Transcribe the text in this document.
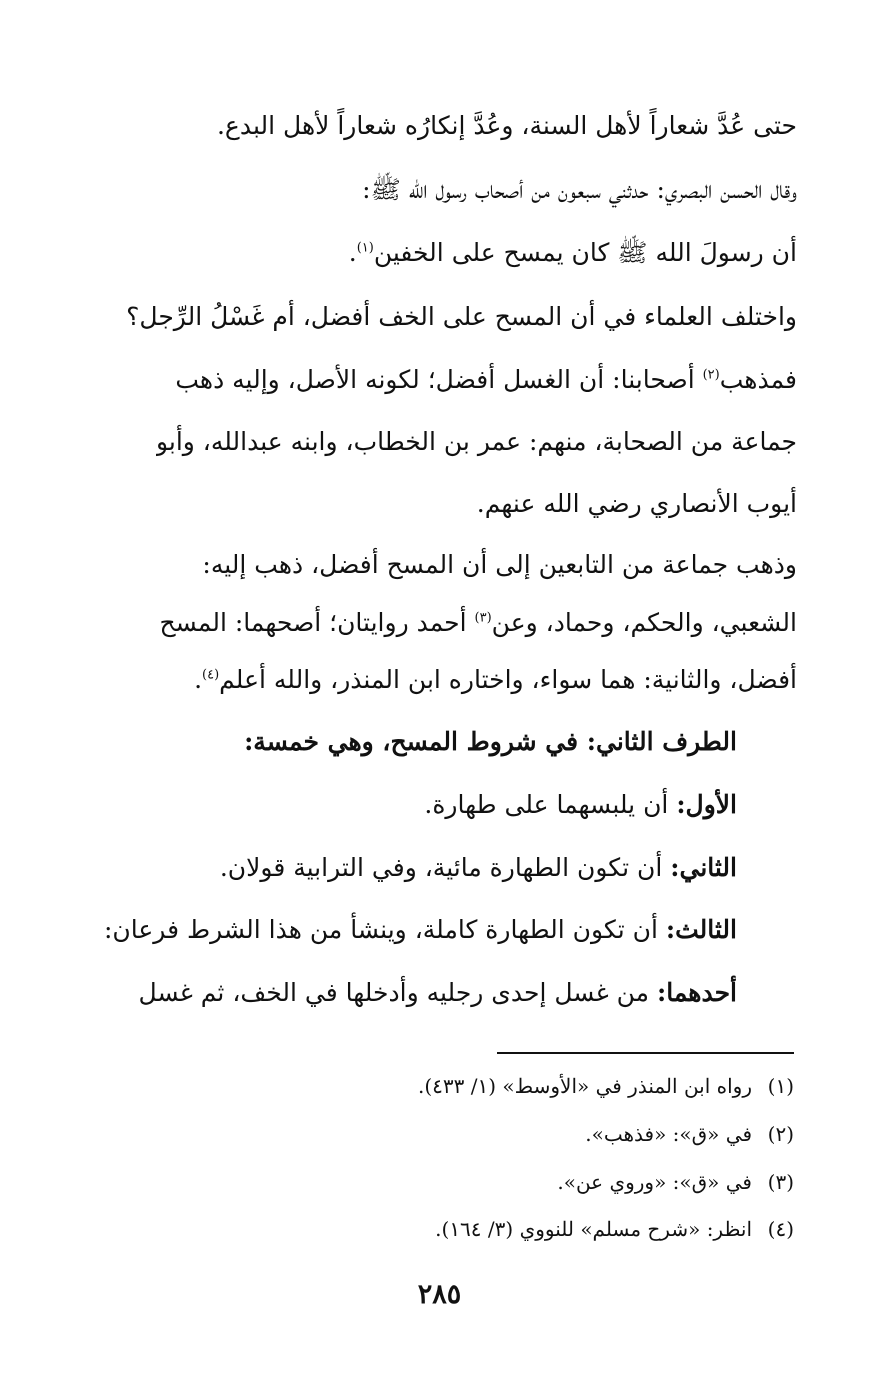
حتى عُدَّ شعاراً لأهل السنة، وعُدَّ إنكارُه شعاراً لأهل البدع.
وقال الحسن البصري: حدثني سبعون من أصحاب رسول الله ﷺ:
أن رسولَ الله ﷺ كان يمسح على الخفين$^{(١)}$.
واختلف العلماء في أن المسح على الخف أفضل، أم غَسْلُ الرِّجل؟
فمذهب$^{(٢)}$ أصحابنا: أن الغسل أفضل؛ لكونه الأصل، وإليه ذهب
جماعة من الصحابة، منهم: عمر بن الخطاب، وابنه عبدالله، وأبو
أيوب الأنصاري رضي الله عنهم.
وذهب جماعة من التابعين إلى أن المسح أفضل، ذهب إليه:
الشعبي، والحكم، وحماد، وعن$^{(٣)}$ أحمد روايتان؛ أصحهما: المسح
أفضل، والثانية: هما سواء، واختاره ابن المنذر، والله أعلم$^{(٤)}$.
الطرف الثاني: في شروط المسح، وهي خمسة:
الأول: أن يلبسهما على طهارة.
الثاني: أن تكون الطهارة مائية، وفي الترابية قولان.
الثالث: أن تكون الطهارة كاملة، وينشأ من هذا الشرط فرعان:
أحدهما: من غسل إحدى رجليه وأدخلها في الخف، ثم غسل
(١)رواه ابن المنذر في «الأوسط» (١/ ٤٣٣).
(٢)في «ق»: «فذهب».
(٣)في «ق»: «وروي عن».
(٤)انظر: «شرح مسلم» للنووي (٣/ ١٦٤).
٢٨٥
